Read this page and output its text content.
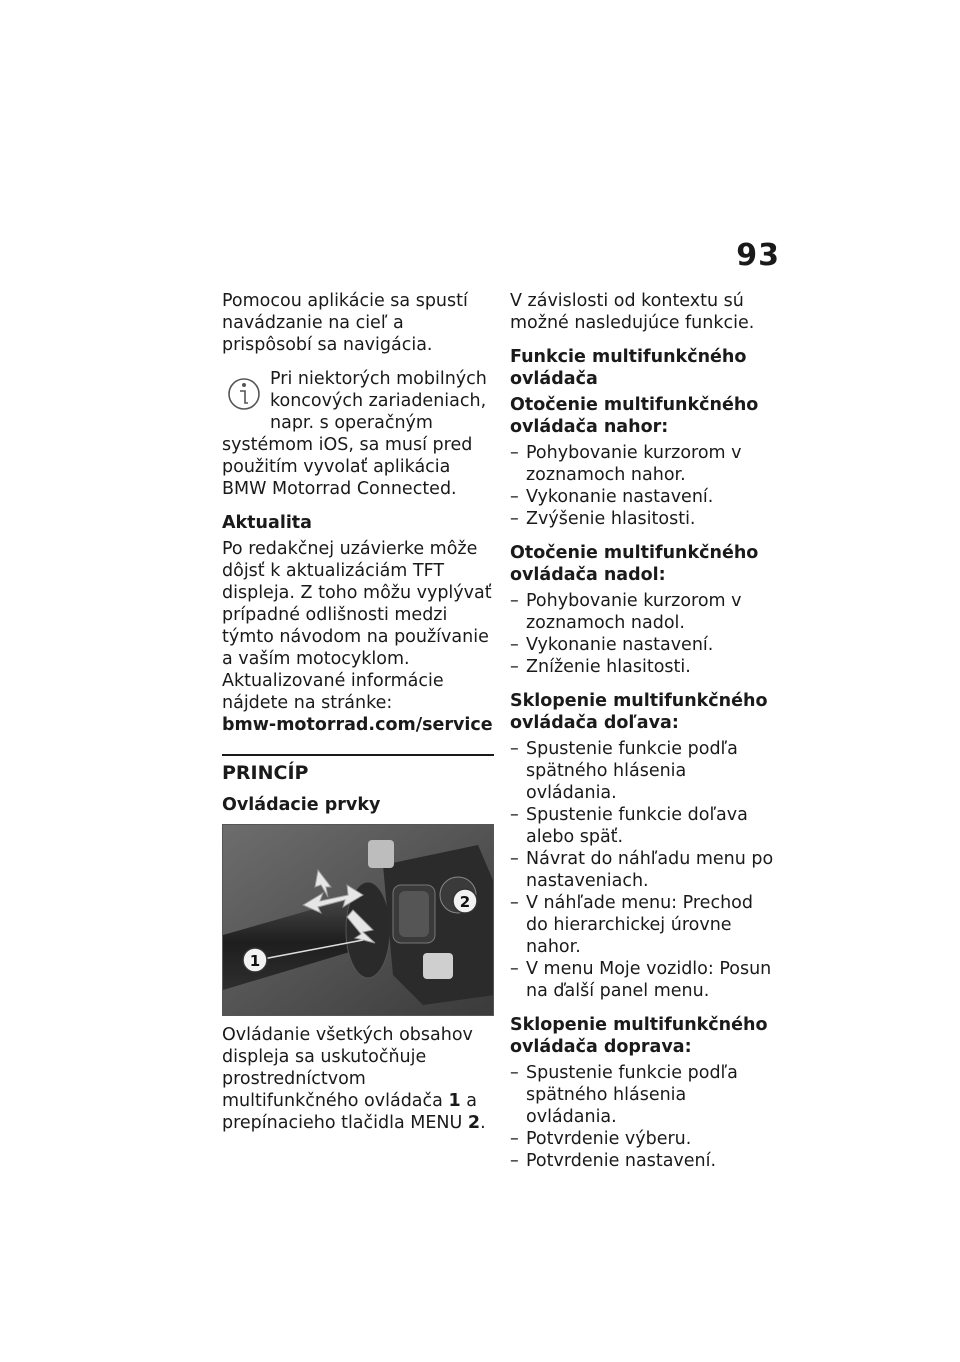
93

Pomocou aplikácie sa spustí navádzanie na cieľ a prispôsobí sa navigácia.

Pri niektorých mobilných koncových zariadeniach, napr. s operačným systémom iOS, sa musí pred použitím vyvolať aplikácia BMW Motorrad Connected.
Aktualita

Po redakčnej uzávierke môže dôjsť k aktualizáciám TFT displeja. Z toho môžu vyplývať prípadné odlišnosti medzi týmto návodom na používanie a vaším motocyklom. Aktualizované informácie nájdete na stránke:
bmw-motorrad.com/service

PRINCÍP
Ovládacie prvky
1
2

Ovládanie všetkých obsahov displeja sa uskutočňuje prostredníctvom multifunkčného ovládača 1 a prepínacieho tlačidla MENU 2.

V závislosti od kontextu sú možné nasledujúce funkcie.

Funkcie multifunkčného ovládača
Otočenie multifunkčného ovládača nahor:
– Pohybovanie kurzorom v zoznamoch nahor.
– Vykonanie nastavení.
– Zvýšenie hlasitosti.
Otočenie multifunkčného ovládača nadol:
– Pohybovanie kurzorom v zoznamoch nadol.
– Vykonanie nastavení.
– Zníženie hlasitosti.
Sklopenie multifunkčného ovládača doľava:
– Spustenie funkcie podľa spätného hlásenia ovládania.
– Spustenie funkcie doľava alebo späť.
– Návrat do náhľadu menu po nastaveniach.
– V náhľade menu: Prechod do hierarchickej úrovne nahor.
– V menu Moje vozidlo: Posun na ďalší panel menu.
Sklopenie multifunkčného ovládača doprava:
– Spustenie funkcie podľa spätného hlásenia ovládania.
– Potvrdenie výberu.
– Potvrdenie nastavení.
